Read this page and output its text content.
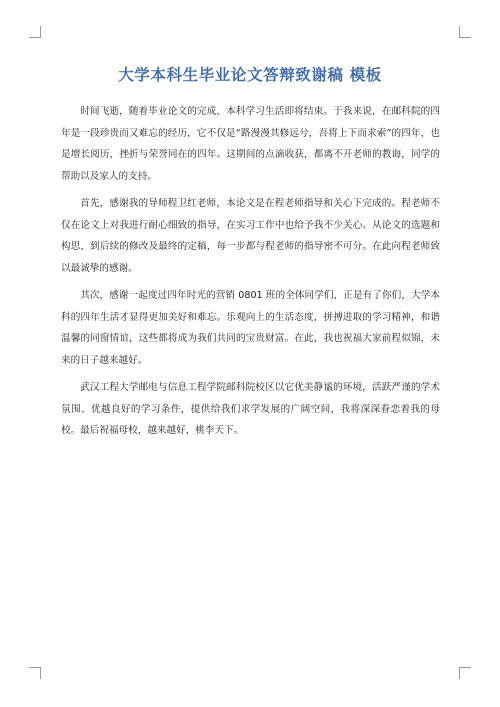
大学本科生毕业论文答辩致谢稿 模板

时间飞逝，随着毕业论文的完成，本科学习生活即将结束。于我来说，在邮科院的四年是一段珍贵而又难忘的经历，它不仅是“路漫漫其修远兮，吾将上下而求索”的四年，也是增长阅历，挫折与荣誉同在的四年。这期间的点滴收获，都离不开老师的教诲，同学的帮助以及家人的支持。

首先，感谢我的导师程卫红老师，本论文是在程老师指导和关心下完成的。程老师不仅在论文上对我进行耐心细致的指导，在实习工作中也给予我不少关心。从论文的选题和构思，到后续的修改及最终的定稿，每一步都与程老师的指导密不可分。在此向程老师致以最诚挚的感谢。

其次，感谢一起度过四年时光的营销 0801 班的全体同学们，正是有了你们，大学本科的四年生活才显得更加美好和难忘。乐观向上的生活态度，拼搏进取的学习精神，和谐温馨的同窗情谊，这些都将成为我们共同的宝贵财富。在此，我也祝福大家前程似锦，未来的日子越来越好。

武汉工程大学邮电与信息工程学院邮科院校区以它优美静谧的环境，活跃严谨的学术氛围、优越良好的学习条件，提供给我们求学发展的广阔空间，我将深深眷恋着我的母校。最后祝福母校，越来越好，桃李天下。
